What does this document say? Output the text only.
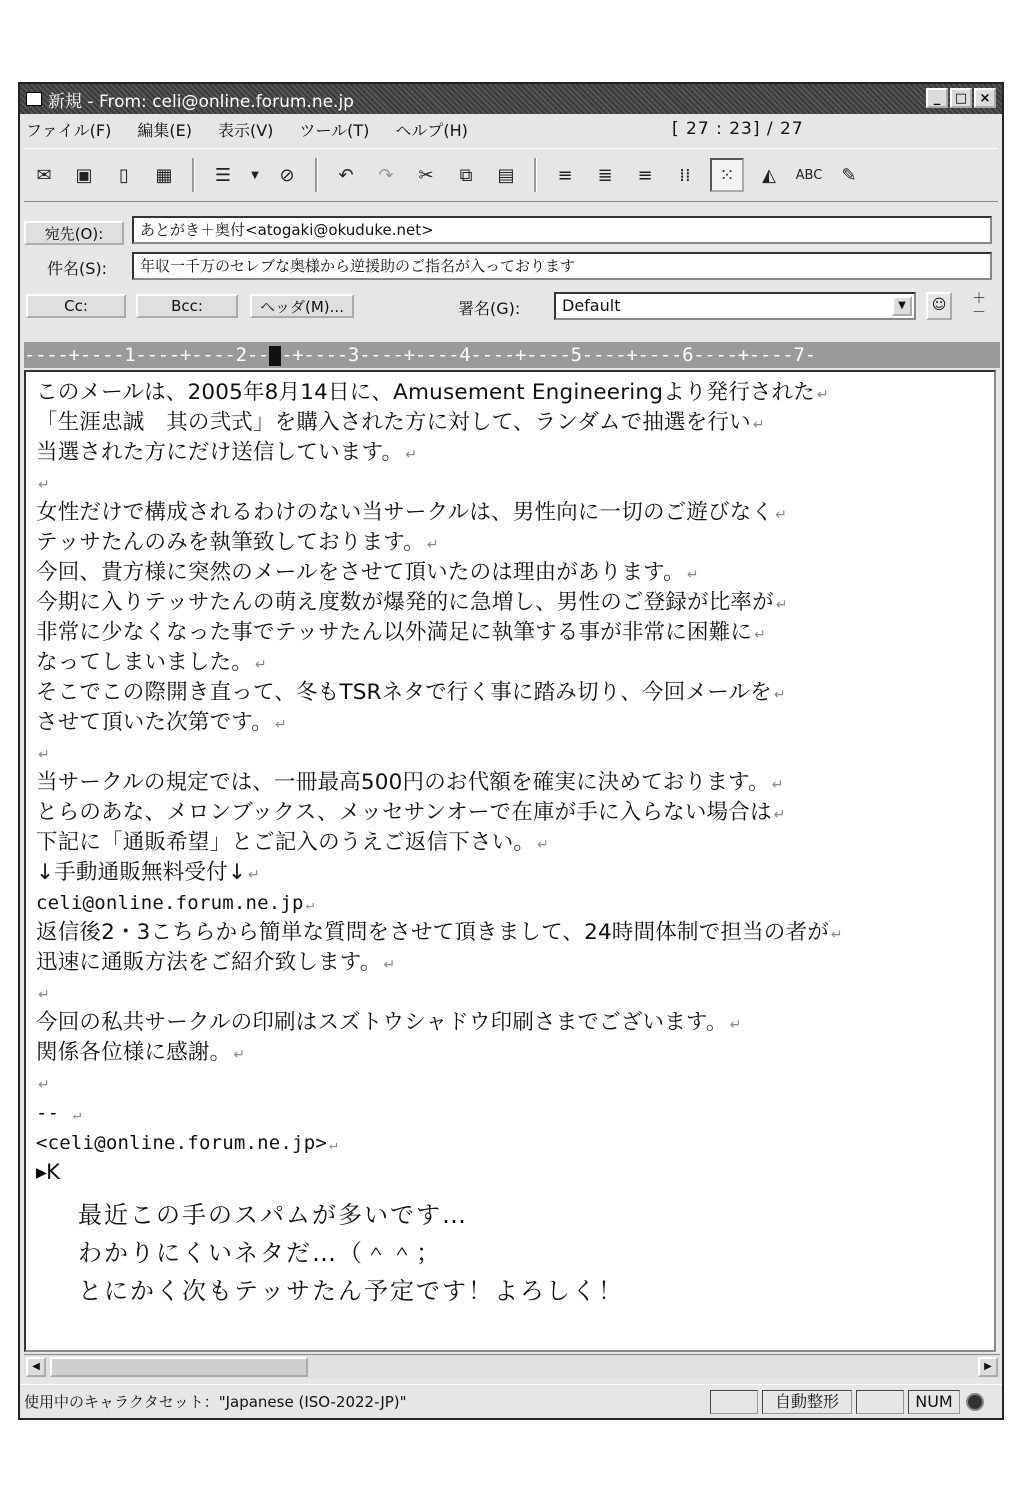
新規 - From: celi@online.forum.ne.jp	_	□ ×
ファイル(F) 編集(E) 表示(V) ツール(T) ヘルプ(H)	[ 27 : 23] / 27
✉	▣	▯	▦	☰	▼	⊘	↶	↷	✂	⧉	▤	≡	≣	≡	⁞⁞	⁙	◭	ABC	✎
宛先(O):	あとがき＋奥付<atogaki@okuduke.net>
件名(S):	年収一千万のセレブな奥様から逆援助のご指名が入っております
Cc:	Bcc:	ヘッダ(M)...	署名(G):	Default	▼	☺	＋
－
----+----1----+----2-- -+----3----+----4----+----5----+----6----+----7-
このメールは、2005年8月14日に、Amusement Engineeringより発行された ↵
「生涯忠誠　其の弐式」を購入された方に対して、ランダムで抽選を行い ↵
当選された方にだけ送信しています。 ↵
↵
女性だけで構成されるわけのない当サークルは、男性向に一切のご遊びなく ↵
テッサたんのみを執筆致しております。 ↵
今回、貴方様に突然のメールをさせて頂いたのは理由があります。 ↵
今期に入りテッサたんの萌え度数が爆発的に急増し、男性のご登録が比率が ↵
非常に少なくなった事でテッサたん以外満足に執筆する事が非常に困難に ↵
なってしまいました。 ↵
そこでこの際開き直って、冬もTSRネタで行く事に踏み切り、今回メールを ↵
させて頂いた次第です。 ↵
↵
当サークルの規定では、一冊最高500円のお代額を確実に決めております。 ↵
とらのあな、メロンブックス、メッセサンオーで在庫が手に入らない場合は ↵
下記に「通販希望」とご記入のうえご返信下さい。 ↵
↓手動通販無料受付↓ ↵
celi@online.forum.ne.jp ↵
返信後2・3こちらから簡単な質問をさせて頂きまして、24時間体制で担当の者が ↵
迅速に通販方法をご紹介致します。 ↵
↵
今回の私共サークルの印刷はスズトウシャドウ印刷さまでございます。 ↵
関係各位様に感謝。 ↵
↵
-- ↵
<celi@online.forum.ne.jp> ↵
▸K
最近この手のスパムが多いです…
わかりにくいネタだ…（＾＾；
とにかく次もテッサたん予定です！よろしく！
◀	▶
使用中のキャラクタセット："Japanese (ISO-2022-JP)"	自動整形	NUM
